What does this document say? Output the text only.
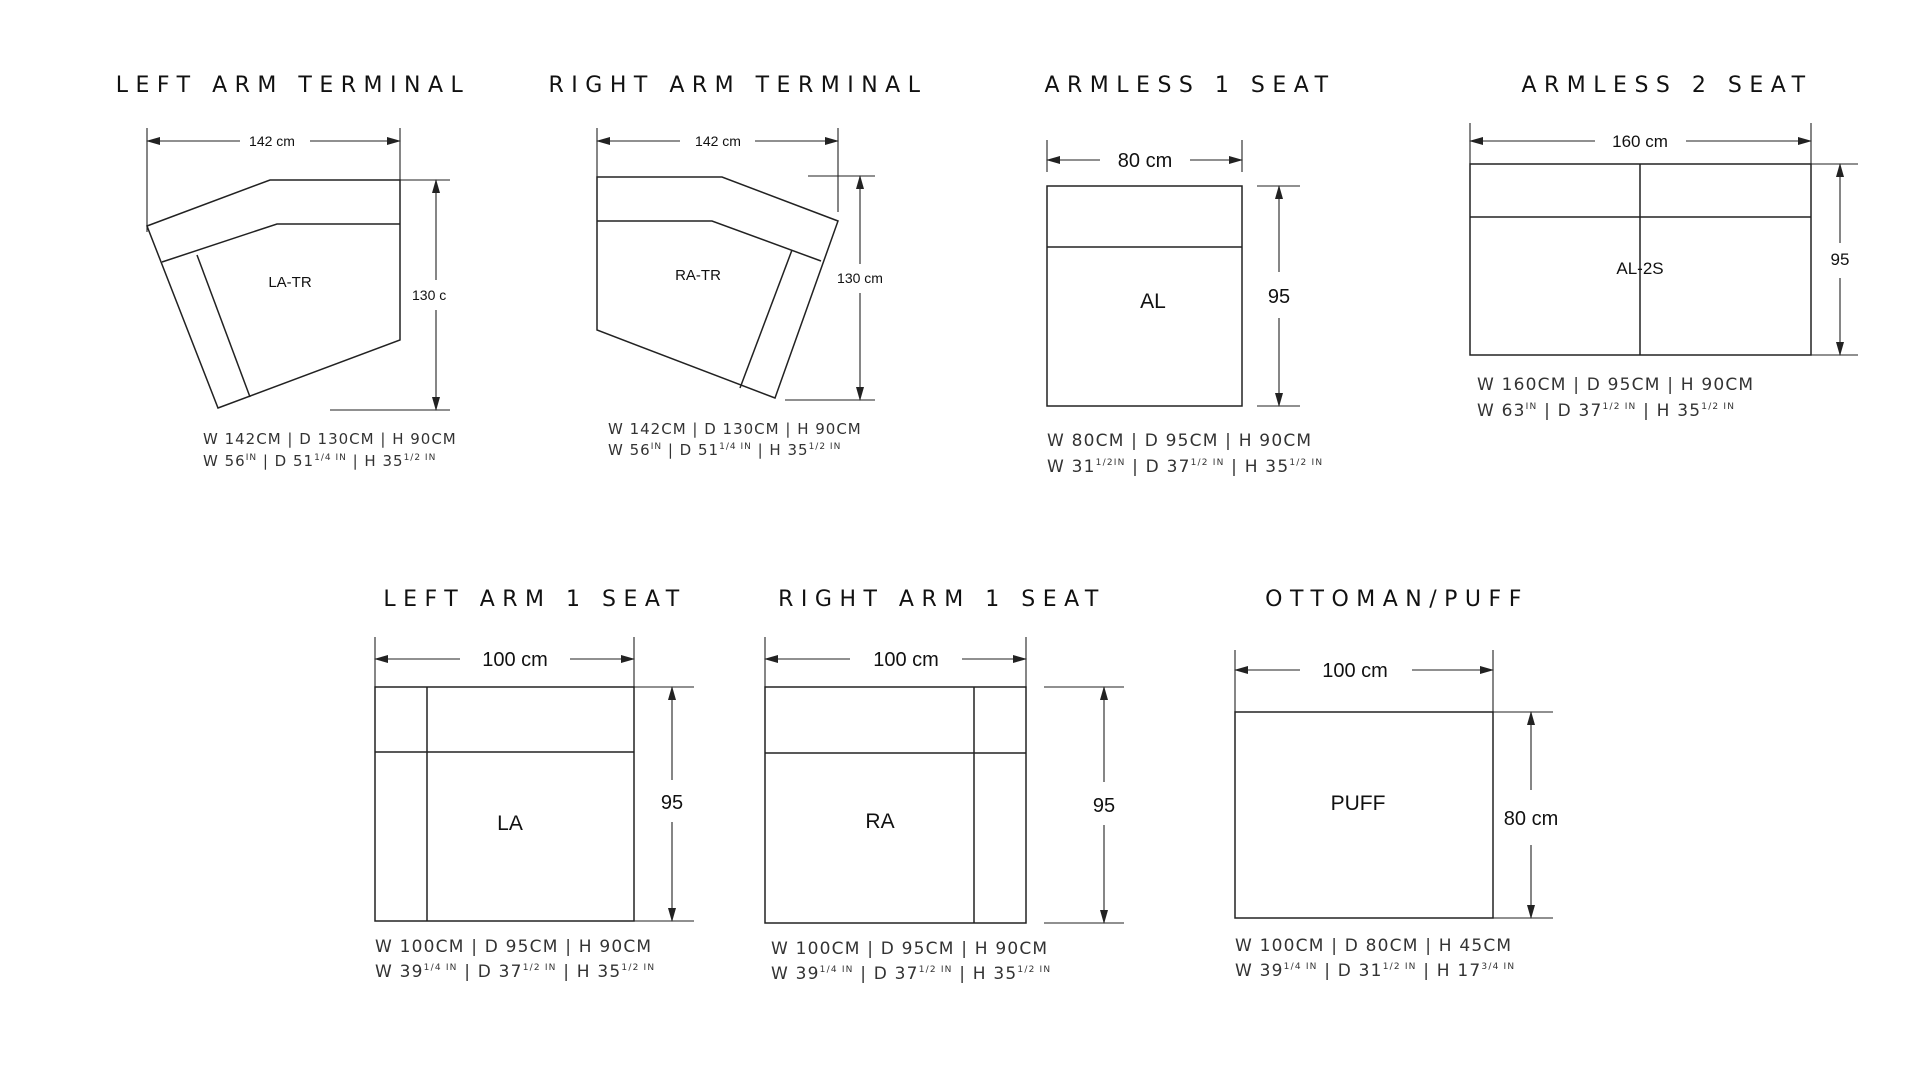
LEFT ARM TERMINAL
142 cm
130 c
LA-TR
W 142CM | D 130CM | H 90CM
W $56^{IN}$ | D $51^{1/4 IN}$ | H $35^{1/2 IN}$
RIGHT ARM TERMINAL
142 cm
130 cm
RA-TR
W 142CM | D 130CM | H 90CM
W $56^{IN}$ | D $51^{1/4 IN}$ | H $35^{1/2 IN}$
ARMLESS 1 SEAT
80 cm
95
AL
W 80CM | D 95CM | H 90CM
W $31^{1/2IN}$ | D $37^{1/2 IN}$ | H $35^{1/2 IN}$
ARMLESS 2 SEAT
160 cm
95
AL-2S
W 160CM | D 95CM | H 90CM
W $63^{IN}$ | D $37^{1/2 IN}$ | H $35^{1/2 IN}$
LEFT ARM 1 SEAT
100 cm
95
LA
W 100CM | D 95CM | H 90CM
W $39^{1/4 IN}$ | D $37^{1/2 IN}$ | H $35^{1/2 IN}$
RIGHT ARM 1 SEAT
100 cm
95
RA
W 100CM | D 95CM | H 90CM
W $39^{1/4 IN}$ | D $37^{1/2 IN}$ | H $35^{1/2 IN}$
OTTOMAN/PUFF
100 cm
80 cm
PUFF
W 100CM | D 80CM | H 45CM
W $39^{1/4 IN}$ | D $31^{1/2 IN}$ | H $17^{3/4 IN}$
